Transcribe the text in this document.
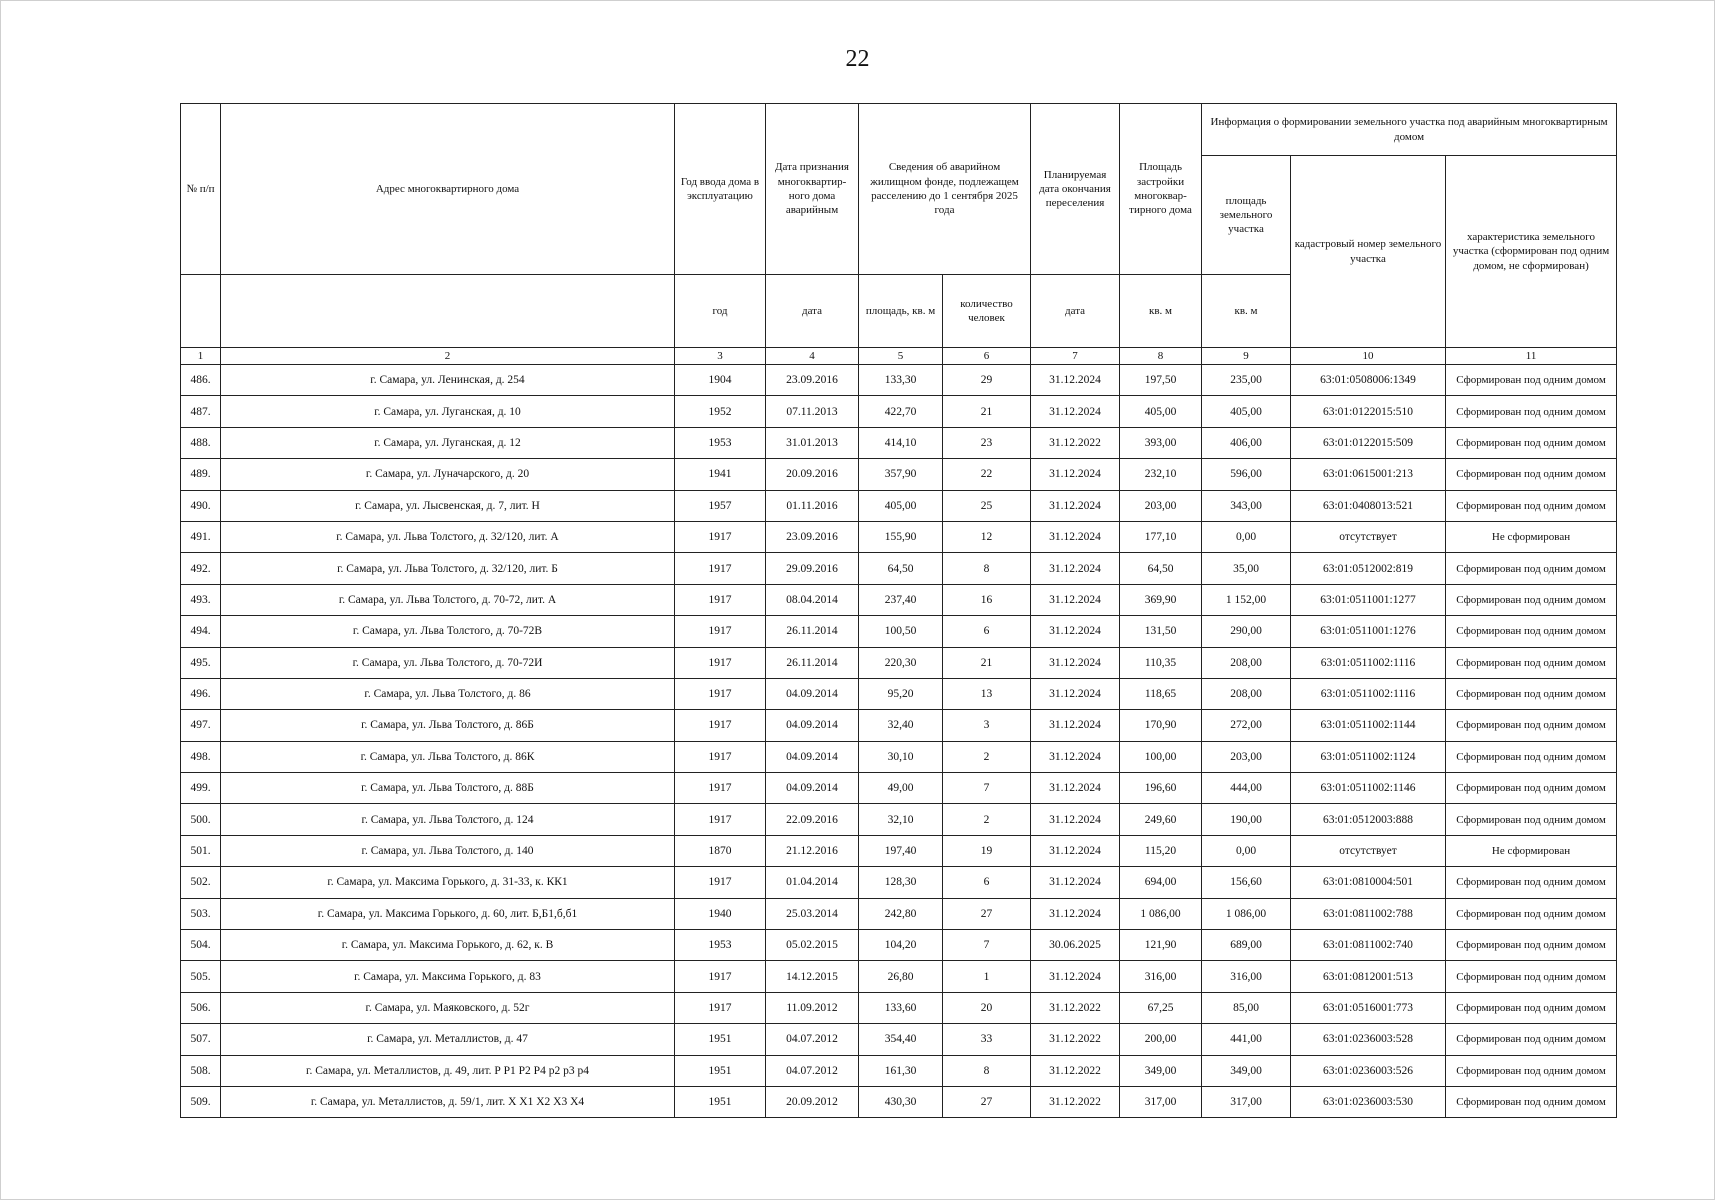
22
№ п/п	Адрес многоквартирного дома	Год ввода дома в эксплуатацию	Дата признания многоквартир-ного дома аварийным	Сведения об аварийном жилищном фонде, подлежащем расселению до 1 сентября 2025 года		Планируемая дата окончания переселения	Площадь застройки многоквар-тирного дома	Информация о формировании земельного участка под аварийным многоквартирным домом		
								площадь земельного участка	кадастровый номер земельного участка	характеристика земельного участка (сформирован под одним домом, не сформирован)
		год	дата	площадь, кв. м	количество человек	дата	кв. м	кв. м		
1	2	3	4	5	6	7	8	9	10	11
486.	г. Самара, ул. Ленинская, д. 254	1904	23.09.2016	133,30	29	31.12.2024	197,50	235,00	63:01:0508006:1349	Сформирован под одним домом
487.	г. Самара, ул. Луганская, д. 10	1952	07.11.2013	422,70	21	31.12.2024	405,00	405,00	63:01:0122015:510	Сформирован под одним домом
488.	г. Самара, ул. Луганская, д. 12	1953	31.01.2013	414,10	23	31.12.2022	393,00	406,00	63:01:0122015:509	Сформирован под одним домом
489.	г. Самара, ул. Луначарского, д. 20	1941	20.09.2016	357,90	22	31.12.2024	232,10	596,00	63:01:0615001:213	Сформирован под одним домом
490.	г. Самара, ул. Лысвенская, д. 7, лит. Н	1957	01.11.2016	405,00	25	31.12.2024	203,00	343,00	63:01:0408013:521	Сформирован под одним домом
491.	г. Самара, ул. Льва Толстого, д. 32/120, лит. А	1917	23.09.2016	155,90	12	31.12.2024	177,10	0,00	отсутствует	Не сформирован
492.	г. Самара, ул. Льва Толстого, д. 32/120, лит. Б	1917	29.09.2016	64,50	8	31.12.2024	64,50	35,00	63:01:0512002:819	Сформирован под одним домом
493.	г. Самара, ул. Льва Толстого, д. 70-72, лит. А	1917	08.04.2014	237,40	16	31.12.2024	369,90	1 152,00	63:01:0511001:1277	Сформирован под одним домом
494.	г. Самара, ул. Льва Толстого, д. 70-72В	1917	26.11.2014	100,50	6	31.12.2024	131,50	290,00	63:01:0511001:1276	Сформирован под одним домом
495.	г. Самара, ул. Льва Толстого, д. 70-72И	1917	26.11.2014	220,30	21	31.12.2024	110,35	208,00	63:01:0511002:1116	Сформирован под одним домом
496.	г. Самара, ул. Льва Толстого, д. 86	1917	04.09.2014	95,20	13	31.12.2024	118,65	208,00	63:01:0511002:1116	Сформирован под одним домом
497.	г. Самара, ул. Льва Толстого, д. 86Б	1917	04.09.2014	32,40	3	31.12.2024	170,90	272,00	63:01:0511002:1144	Сформирован под одним домом
498.	г. Самара, ул. Льва Толстого, д. 86К	1917	04.09.2014	30,10	2	31.12.2024	100,00	203,00	63:01:0511002:1124	Сформирован под одним домом
499.	г. Самара, ул. Льва Толстого, д. 88Б	1917	04.09.2014	49,00	7	31.12.2024	196,60	444,00	63:01:0511002:1146	Сформирован под одним домом
500.	г. Самара, ул. Льва Толстого, д. 124	1917	22.09.2016	32,10	2	31.12.2024	249,60	190,00	63:01:0512003:888	Сформирован под одним домом
501.	г. Самара, ул. Льва Толстого, д. 140	1870	21.12.2016	197,40	19	31.12.2024	115,20	0,00	отсутствует	Не сформирован
502.	г. Самара, ул. Максима Горького, д. 31-33, к. КК1	1917	01.04.2014	128,30	6	31.12.2024	694,00	156,60	63:01:0810004:501	Сформирован под одним домом
503.	г. Самара, ул. Максима Горького, д. 60, лит. Б,Б1,б,б1	1940	25.03.2014	242,80	27	31.12.2024	1 086,00	1 086,00	63:01:0811002:788	Сформирован под одним домом
504.	г. Самара, ул. Максима Горького, д. 62, к. В	1953	05.02.2015	104,20	7	30.06.2025	121,90	689,00	63:01:0811002:740	Сформирован под одним домом
505.	г. Самара, ул. Максима Горького, д. 83	1917	14.12.2015	26,80	1	31.12.2024	316,00	316,00	63:01:0812001:513	Сформирован под одним домом
506.	г. Самара, ул. Маяковского, д. 52г	1917	11.09.2012	133,60	20	31.12.2022	67,25	85,00	63:01:0516001:773	Сформирован под одним домом
507.	г. Самара, ул. Металлистов, д. 47	1951	04.07.2012	354,40	33	31.12.2022	200,00	441,00	63:01:0236003:528	Сформирован под одним домом
508.	г. Самара, ул. Металлистов, д. 49, лит. Р Р1 Р2 Р4 р2 р3 р4	1951	04.07.2012	161,30	8	31.12.2022	349,00	349,00	63:01:0236003:526	Сформирован под одним домом
509.	г. Самара, ул. Металлистов, д. 59/1, лит. Х Х1 Х2 Х3 Х4	1951	20.09.2012	430,30	27	31.12.2022	317,00	317,00	63:01:0236003:530	Сформирован под одним домом
